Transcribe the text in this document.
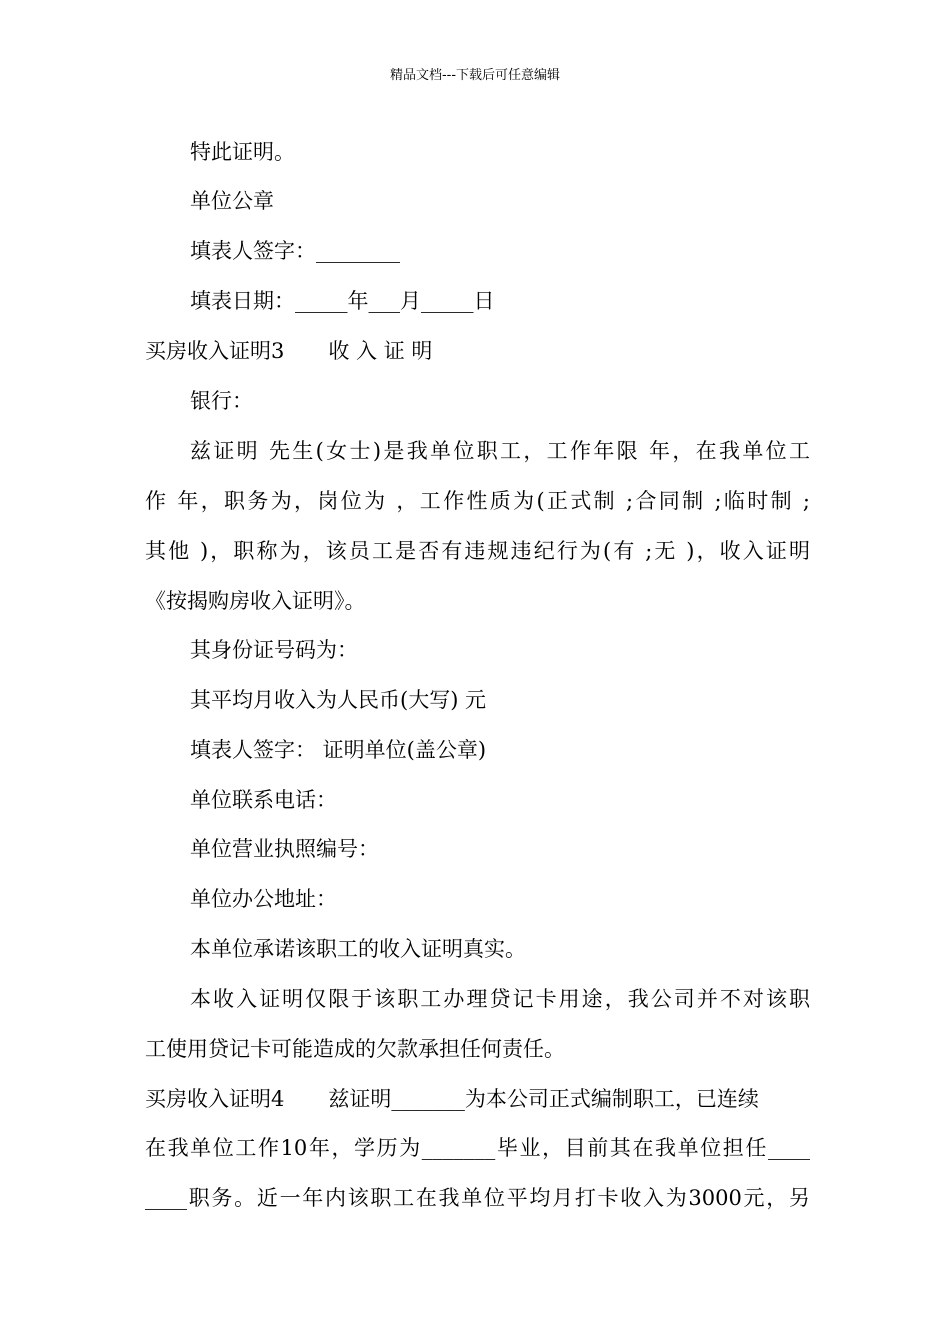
精品文档---下载后可任意编辑
特此证明。
单位公章
填表人签字：________
填表日期：_____年___月_____日
买房收入证明3 收 入 证 明
银行：
兹证明 先生(女士)是我单位职工，工作年限 年，在我单位工
作 年，职务为，岗位为 ，工作性质为(正式制 ;合同制 ;临时制 ;
其他 )，职称为，该员工是否有违规违纪行为(有 ;无 )，收入证明
《按揭购房收入证明》。
其身份证号码为：
其平均月收入为人民币(大写) 元
填表人签字： 证明单位(盖公章)
单位联系电话：
单位营业执照编号：
单位办公地址：
本单位承诺该职工的收入证明真实。
本收入证明仅限于该职工办理贷记卡用途，我公司并不对该职
工使用贷记卡可能造成的欠款承担任何责任。
买房收入证明4 兹证明_______为本公司正式编制职工，已连续
在我单位工作10年，学历为_______毕业，目前其在我单位担任____
____职务。近一年内该职工在我单位平均月打卡收入为3000元，另
